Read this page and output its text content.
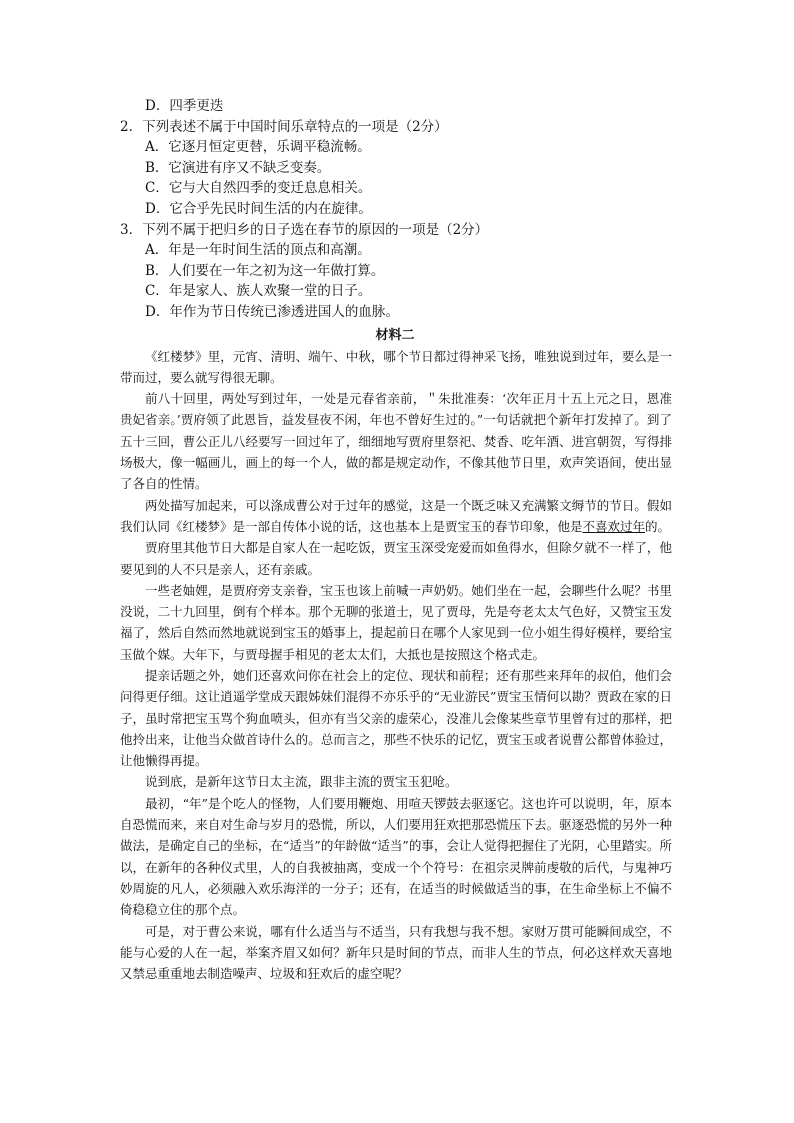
D．四季更迭
2．下列表述不属于中国时间乐章特点的一项是（2分）
A．它逐月恒定更替，乐调平稳流畅。
B．它演进有序又不缺乏变奏。
C．它与大自然四季的变迁息息相关。
D．它合乎先民时间生活的内在旋律。
3．下列不属于把归乡的日子选在春节的原因的一项是（2分）
A．年是一年时间生活的顶点和高潮。
B．人们要在一年之初为这一年做打算。
C．年是家人、族人欢聚一堂的日子。
D．年作为节日传统已渗透进国人的血脉。
材料二

《红楼梦》里，元宵、清明、端午、中秋，哪个节日都过得神采飞扬，唯独说到过年，要么是一带而过，要么就写得很无聊。

前八十回里，两处写到过年，一处是元春省亲前，＂朱批准奏：‘次年正月十五上元之日，恩准贵妃省亲。’贾府领了此恩旨，益发昼夜不闲，年也不曾好生过的。”一句话就把个新年打发掉了。到了五十三回，曹公正儿八经要写一回过年了，细细地写贾府里祭祀、焚香、吃年酒、进宫朝贺，写得排场极大，像一幅画儿，画上的每一个人，做的都是规定动作，不像其他节日里，欢声笑语间，使出显了各自的性情。

两处描写加起来，可以涤成曹公对于过年的感觉，这是一个既乏味又充满繁文缛节的节日。假如我们认同《红楼梦》是一部自传体小说的话，这也基本上是贾宝玉的春节印象，他是不喜欢过年的。

贾府里其他节日大都是自家人在一起吃饭，贾宝玉深受宠爱而如鱼得水，但除夕就不一样了，他要见到的人不只是亲人，还有亲戚。

一些老妯娌，是贾府旁支亲眷，宝玉也该上前喊一声奶奶。她们坐在一起，会聊些什么呢？书里没说，二十九回里，倒有个样本。那个无聊的张道士，见了贾母，先是夸老太太气色好，又赞宝玉发福了，然后自然而然地就说到宝玉的婚事上，提起前日在哪个人家见到一位小姐生得好模样，要给宝玉做个媒。大年下，与贾母握手相见的老太太们，大抵也是按照这个格式走。

提亲话题之外，她们还喜欢问你在社会上的定位、现状和前程；还有那些来拜年的叔伯，他们会问得更仔细。这让逍遥学堂成天跟姊妹们混得不亦乐乎的“无业游民”贾宝玉情何以勘？贾政在家的日子，虽时常把宝玉骂个狗血喷头，但亦有当父亲的虚荣心，没准儿会像某些章节里曾有过的那样，把他拎出来，让他当众做首诗什么的。总而言之，那些不快乐的记忆，贾宝玉或者说曹公都曾体验过，让他懒得再提。

说到底，是新年这节日太主流，跟非主流的贾宝玉犯呛。

最初，“年”是个吃人的怪物，人们要用鞭炮、用喧天锣鼓去驱逐它。这也许可以说明，年，原本自恐慌而来，来自对生命与岁月的恐慌，所以，人们要用狂欢把那恐慌压下去。驱逐恐慌的另外一种做法，是确定自己的坐标，在“适当”的年龄做“适当”的事，会让人觉得把握住了光阴，心里踏实。所以，在新年的各种仪式里，人的自我被抽离，变成一个个符号：在祖宗灵牌前虔敬的后代，与鬼神巧妙周旋的凡人，必须融入欢乐海洋的一分子；还有，在适当的时候做适当的事，在生命坐标上不偏不倚稳稳立住的那个点。

可是，对于曹公来说，哪有什么适当与不适当，只有我想与我不想。家财万贯可能瞬间成空，不能与心爱的人在一起，举案齐眉又如何？新年只是时间的节点，而非人生的节点，何必这样欢天喜地又禁忌重重地去制造噪声、垃圾和狂欢后的虚空呢？
